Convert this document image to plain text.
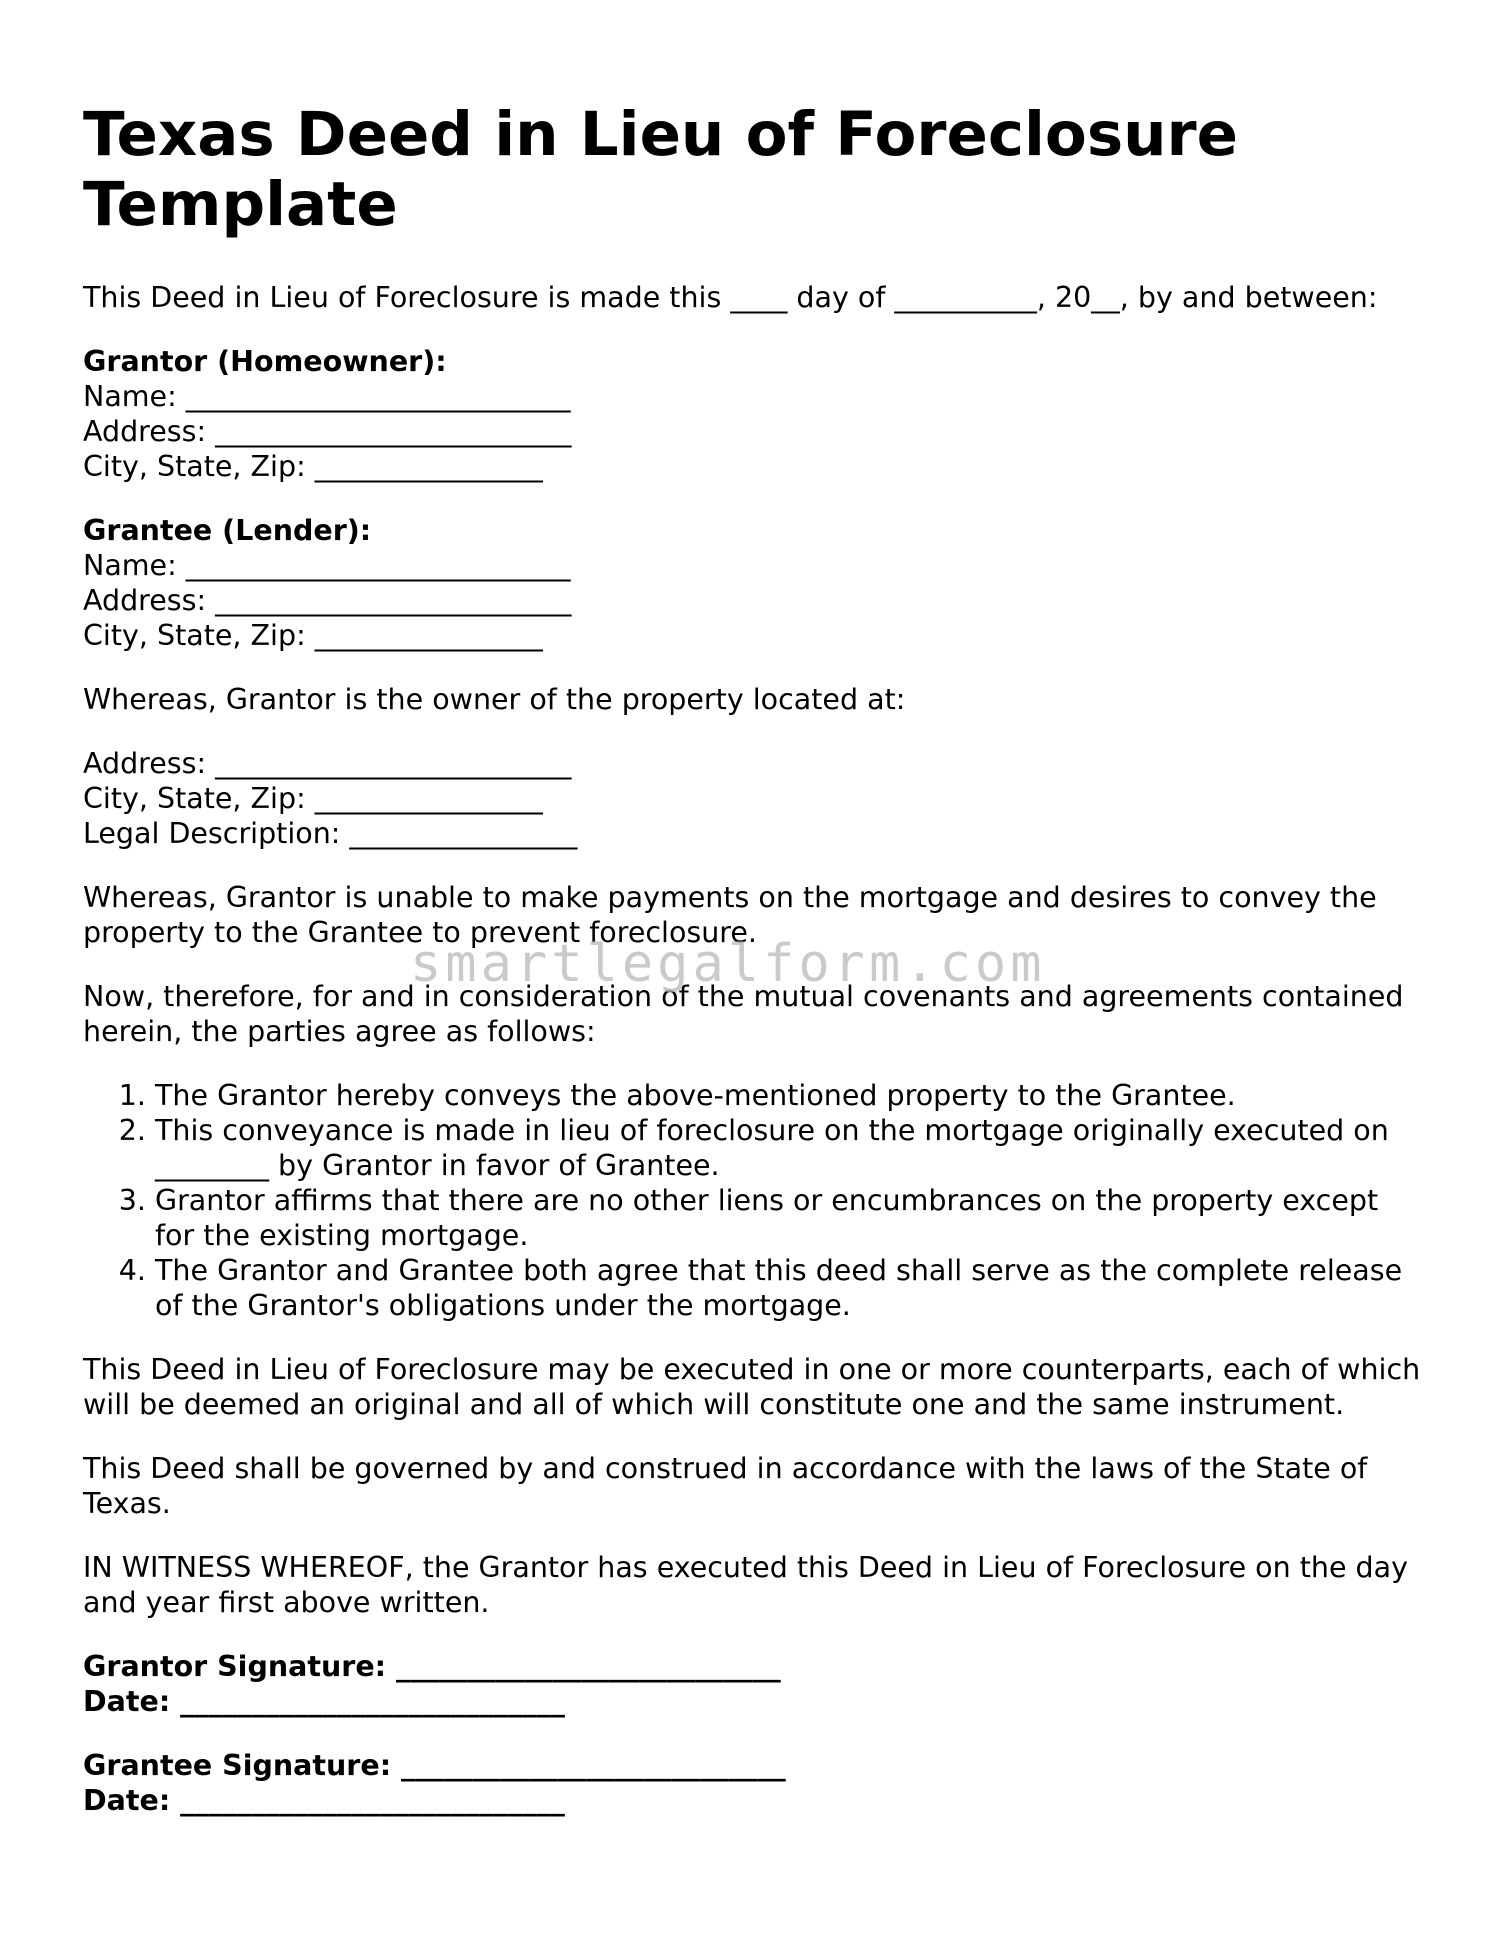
Texas Deed in Lieu of Foreclosure Template

This Deed in Lieu of Foreclosure is made this ____ day of __________, 20__, by and between:

Grantor (Homeowner):
Name: ___________________________
Address: _________________________
City, State, Zip: ________________
Grantee (Lender):
Name: ___________________________
Address: _________________________
City, State, Zip: ________________

Whereas, Grantor is the owner of the property located at:

Address: _________________________
City, State, Zip: ________________
Legal Description: ________________

Whereas, Grantor is unable to make payments on the mortgage and desires to convey the property to the Grantee to prevent foreclosure.

Now, therefore, for and in consideration of the mutual covenants and agreements contained herein, the parties agree as follows:

1. The Grantor hereby conveys the above-mentioned property to the Grantee.
2. This conveyance is made in lieu of foreclosure on the mortgage originally executed on ________ by Grantor in favor of Grantee.
3. Grantor affirms that there are no other liens or encumbrances on the property except for the existing mortgage.
4. The Grantor and Grantee both agree that this deed shall serve as the complete release of the Grantor's obligations under the mortgage.

This Deed in Lieu of Foreclosure may be executed in one or more counterparts, each of which will be deemed an original and all of which will constitute one and the same instrument.

This Deed shall be governed by and construed in accordance with the laws of the State of Texas.

IN WITNESS WHEREOF, the Grantor has executed this Deed in Lieu of Foreclosure on the day and year first above written.

Grantor Signature: ___________________________
Date: ___________________________
Grantee Signature: ___________________________
Date: ___________________________
smartlegalform.com
